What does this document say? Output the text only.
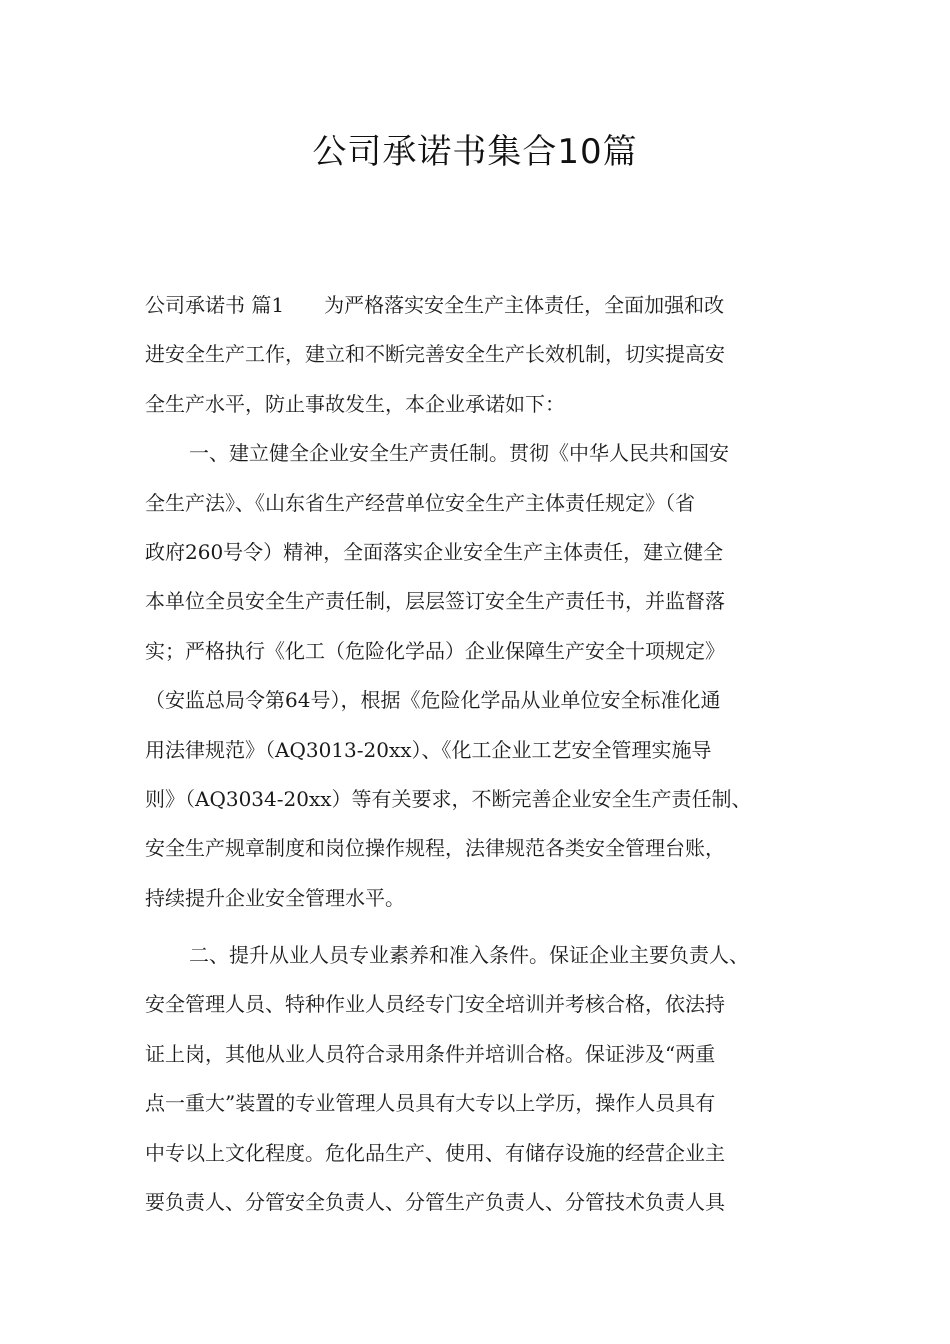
公司承诺书集合10篇
公司承诺书 篇1 为严格落实安全生产主体责任，全面加强和改
进安全生产工作，建立和不断完善安全生产长效机制，切实提高安
全生产水平，防止事故发生，本企业承诺如下：
一、建立健全企业安全生产责任制。贯彻《中华人民共和国安
全生产法》、《山东省生产经营单位安全生产主体责任规定》（省
政府260号令）精神，全面落实企业安全生产主体责任，建立健全
本单位全员安全生产责任制，层层签订安全生产责任书，并监督落
实；严格执行《化工（危险化学品）企业保障生产安全十项规定》
（安监总局令第64号），根据《危险化学品从业单位安全标准化通
用法律规范》（AQ3013-20xx）、《化工企业工艺安全管理实施导
则》（AQ3034-20xx）等有关要求，不断完善企业安全生产责任制、
安全生产规章制度和岗位操作规程，法律规范各类安全管理台账，
持续提升企业安全管理水平。
二、提升从业人员专业素养和准入条件。保证企业主要负责人、
安全管理人员、特种作业人员经专门安全培训并考核合格，依法持
证上岗，其他从业人员符合录用条件并培训合格。保证涉及“两重
点一重大”装置的专业管理人员具有大专以上学历，操作人员具有
中专以上文化程度。危化品生产、使用、有储存设施的经营企业主
要负责人、分管安全负责人、分管生产负责人、分管技术负责人具
